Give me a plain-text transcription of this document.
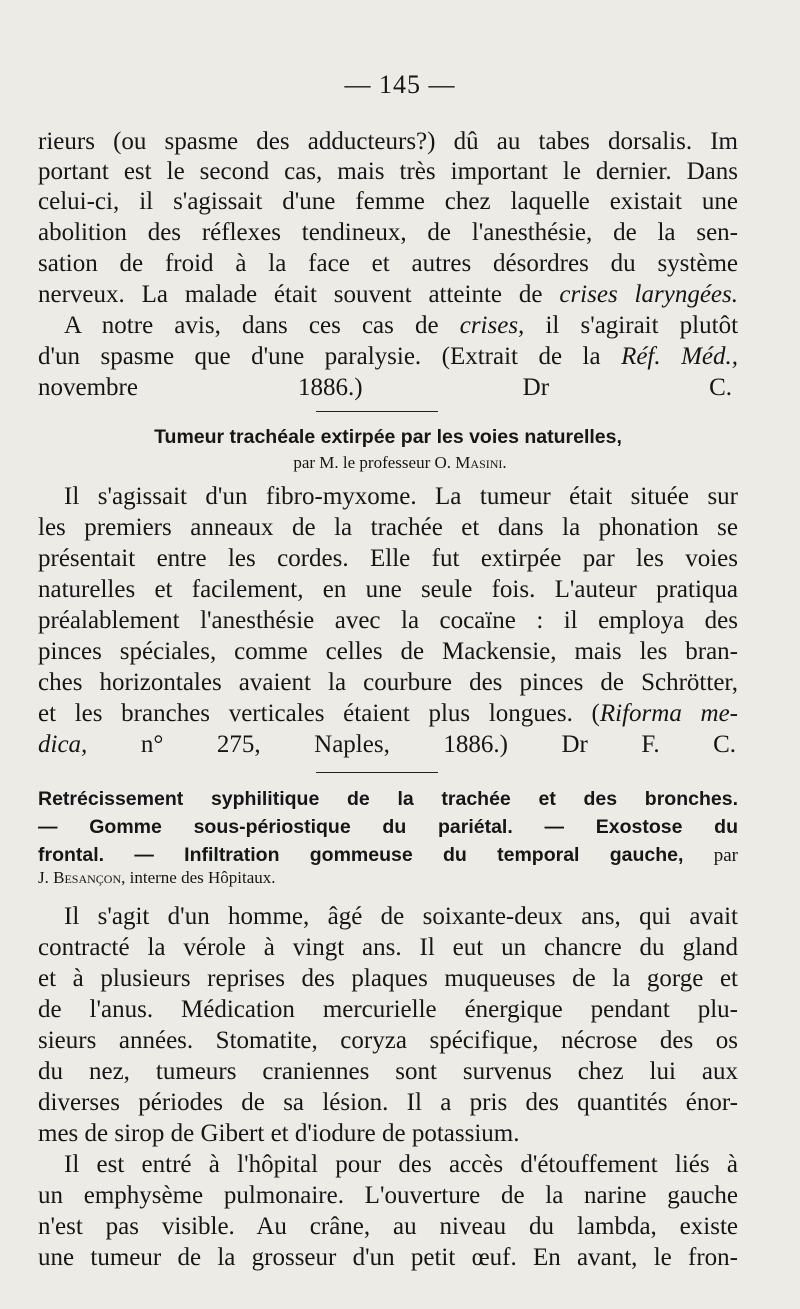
— 145 —
rieurs (ou spasme des adducteurs?) dû au tabes dorsalis. Im
portant est le second cas, mais très important le dernier. Dans
celui-ci, il s'agissait d'une femme chez laquelle existait une
abolition des réflexes tendineux, de l'anesthésie, de la sen-
sation de froid à la face et autres désordres du système
nerveux. La malade était souvent atteinte de crises laryngées.
A notre avis, dans ces cas de crises, il s'agirait plutôt
d'un spasme que d'une paralysie. (Extrait de la Réf. Méd.,
novembre 1886.)	Dr C.
Tumeur trachéale extirpée par les voies naturelles,
par M. le professeur O. Masini.
Il s'agissait d'un fibro-myxome. La tumeur était située sur
les premiers anneaux de la trachée et dans la phonation se
présentait entre les cordes. Elle fut extirpée par les voies
naturelles et facilement, en une seule fois. L'auteur pratiqua
préalablement l'anesthésie avec la cocaïne : il employa des
pinces spéciales, comme celles de Mackensie, mais les bran-
ches horizontales avaient la courbure des pinces de Schrötter,
et les branches verticales étaient plus longues. (Riforma me-
dica, n° 275, Naples, 1886.) Dr F. C.
Retrécissement syphilitique de la trachée et des bronches.
— Gomme sous-périostique du pariétal. — Exostose du
frontal. — Infiltration gommeuse du temporal gauche, par
J. Besançon, interne des Hôpitaux.
Il s'agit d'un homme, âgé de soixante-deux ans, qui avait
contracté la vérole à vingt ans. Il eut un chancre du gland
et à plusieurs reprises des plaques muqueuses de la gorge et
de l'anus. Médication mercurielle énergique pendant plu-
sieurs années. Stomatite, coryza spécifique, nécrose des os
du nez, tumeurs craniennes sont survenus chez lui aux
diverses périodes de sa lésion. Il a pris des quantités énor-
mes de sirop de Gibert et d'iodure de potassium.
Il est entré à l'hôpital pour des accès d'étouffement liés à
un emphysème pulmonaire. L'ouverture de la narine gauche
n'est pas visible. Au crâne, au niveau du lambda, existe
une tumeur de la grosseur d'un petit œuf. En avant, le fron-
